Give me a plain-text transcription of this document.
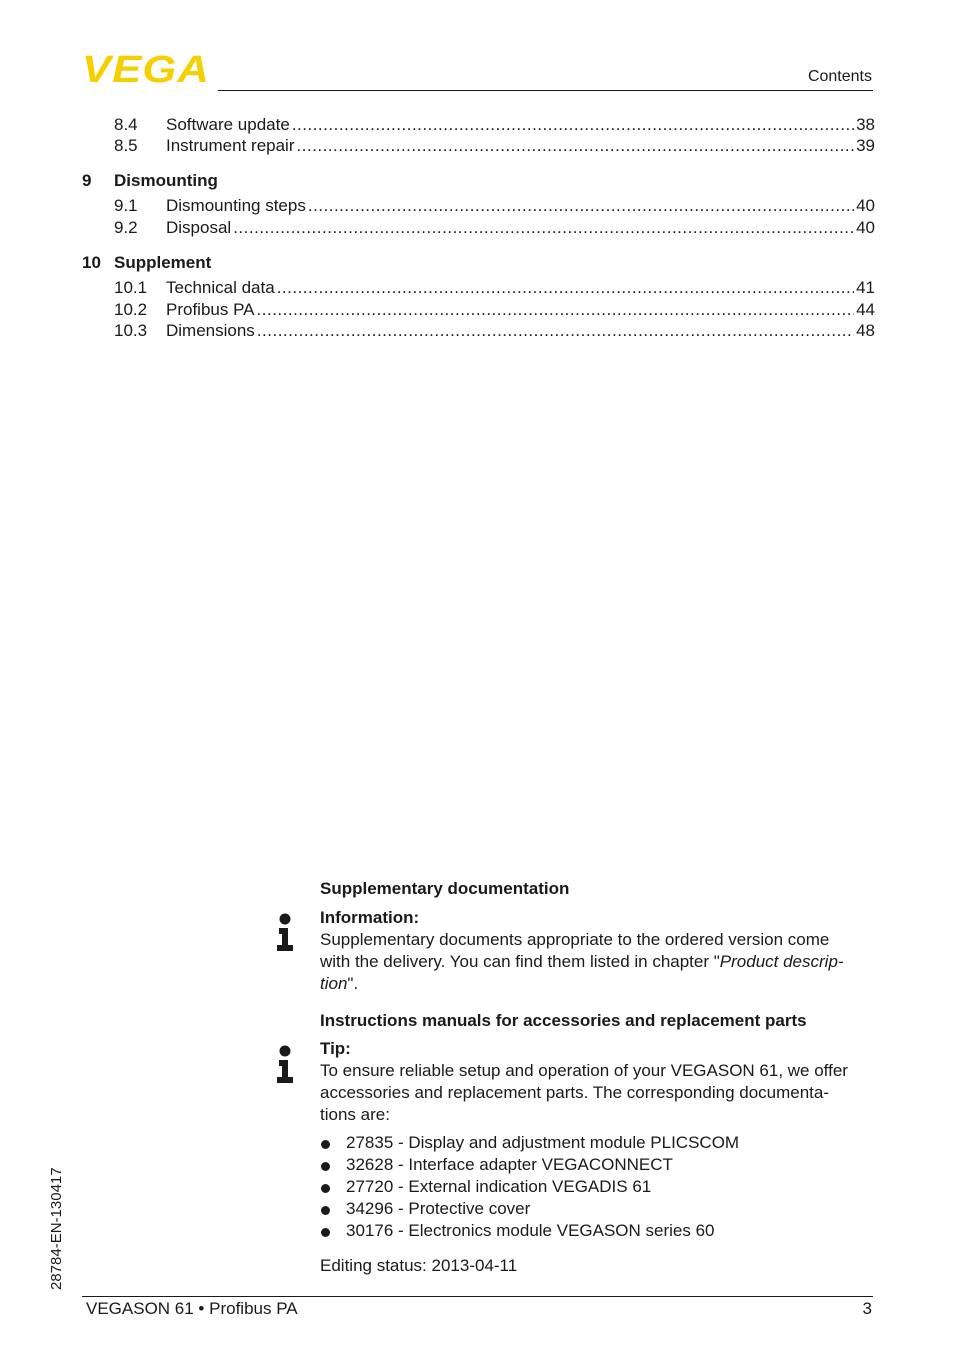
VEGA	Contents
8.4	Software update .....	38
8.5	Instrument repair .....	39
9 Dismounting
9.1	Dismounting steps .....	40
9.2	Disposal .....	40
10 Supplement
10.1	Technical data .....	41
10.2	Profibus PA .....	44
10.3	Dimensions .....	48
28784-EN-130417
Supplementary documentation
Information:
Supplementary documents appropriate to the ordered version come
with the delivery. You can find them listed in chapter "Product descrip-
tion".
Instructions manuals for accessories and replacement parts
Tip:
To ensure reliable setup and operation of your VEGASON 61, we offer
accessories and replacement parts. The corresponding documenta-
tions are:
27835 - Display and adjustment module PLICSCOM
32628 - Interface adapter VEGACONNECT
27720 - External indication VEGADIS 61
34296 - Protective cover
30176 - Electronics module VEGASON series 60
Editing status: 2013-04-11
VEGASON 61 • Profibus PA	3
